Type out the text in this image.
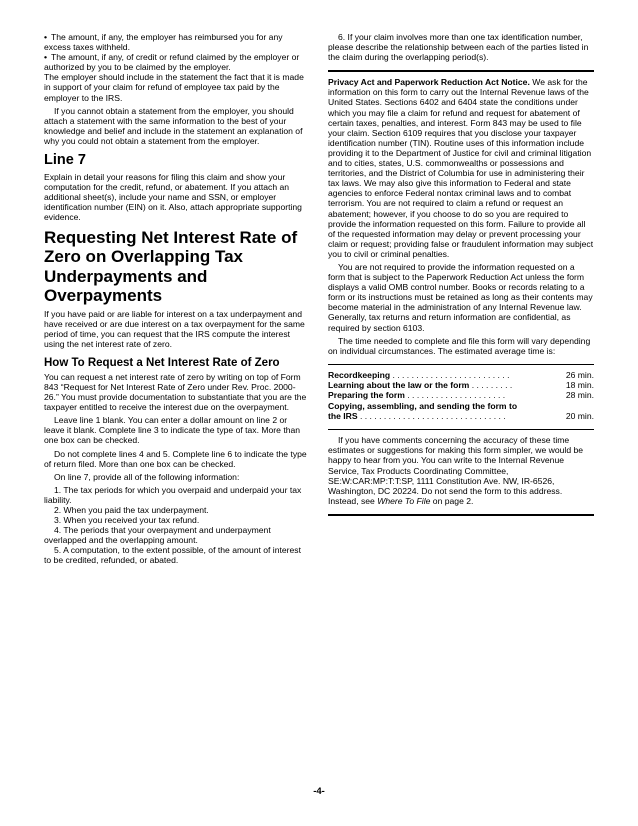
• The amount, if any, the employer has reimbursed you for any excess taxes withheld.

• The amount, if any, of credit or refund claimed by the employer or authorized by you to be claimed by the employer.

The employer should include in the statement the fact that it is made in support of your claim for refund of employee tax paid by the employer to the IRS.

If you cannot obtain a statement from the employer, you should attach a statement with the same information to the best of your knowledge and belief and include in the statement an explanation of why you could not obtain a statement from the employer.

Line 7

Explain in detail your reasons for filing this claim and show your computation for the credit, refund, or abatement. If you attach an additional sheet(s), include your name and SSN, or employer identification number (EIN) on it. Also, attach appropriate supporting evidence.

Requesting Net Interest Rate of Zero on Overlapping Tax Underpayments and Overpayments

If you have paid or are liable for interest on a tax underpayment and have received or are due interest on a tax overpayment for the same period of time, you can request that the IRS compute the interest using the net interest rate of zero.

How To Request a Net Interest Rate of Zero

You can request a net interest rate of zero by writing on top of Form 843 “Request for Net Interest Rate of Zero under Rev. Proc. 2000-26.” You must provide documentation to substantiate that you are the taxpayer entitled to receive the interest due on the overpayment.

Leave line 1 blank. You can enter a dollar amount on line 2 or leave it blank. Complete line 3 to indicate the type of tax. More than one box can be checked.

Do not complete lines 4 and 5. Complete line 6 to indicate the type of return filed. More than one box can be checked.

On line 7, provide all of the following information:

1. The tax periods for which you overpaid and underpaid your tax liability.

2. When you paid the tax underpayment.

3. When you received your tax refund.

4. The periods that your overpayment and underpayment overlapped and the overlapping amount.

5. A computation, to the extent possible, of the amount of interest to be credited, refunded, or abated.

6. If your claim involves more than one tax identification number, please describe the relationship between each of the parties listed in the claim during the overlapping period(s).

Privacy Act and Paperwork Reduction Act Notice. We ask for the information on this form to carry out the Internal Revenue laws of the United States. Sections 6402 and 6404 state the conditions under which you may file a claim for refund and request for abatement of certain taxes, penalties, and interest. Form 843 may be used to file your claim. Section 6109 requires that you disclose your taxpayer identification number (TIN). Routine uses of this information include providing it to the Department of Justice for civil and criminal litigation and to cities, states, U.S. commonwealths or possessions and territories, and the District of Columbia for use in administering their tax laws. We may also give this information to Federal and state agencies to enforce Federal nontax criminal laws and to combat terrorism. You are not required to claim a refund or request an abatement; however, if you choose to do so you are required to provide the information requested on this form. Failure to provide all of the requested information may delay or prevent processing your claim or request; providing false or fraudulent information may subject you to civil or criminal penalties.

You are not required to provide the information requested on a form that is subject to the Paperwork Reduction Act unless the form displays a valid OMB control number. Books or records relating to a form or its instructions must be retained as long as their contents may become material in the administration of any Internal Revenue law. Generally, tax returns and return information are confidential, as required by section 6103.

The time needed to complete and file this form will vary depending on individual circumstances. The estimated average time is:

Recordkeeping . . . . . . . . . . . . . . . . . . . . . . . . .	26 min.
Learning about the law or the form . . . . . . . . .	18 min.
Preparing the form . . . . . . . . . . . . . . . . . . . . .	28 min.
Copying, assembling, and sending the form to
the IRS . . . . . . . . . . . . . . . . . . . . . . . . . . . . . . .	20 min.

If you have comments concerning the accuracy of these time estimates or suggestions for making this form simpler, we would be happy to hear from you. You can write to the Internal Revenue Service, Tax Products Coordinating Committee, SE:W:CAR:MP:T:T:SP, 1111 Constitution Ave. NW, IR-6526, Washington, DC 20224. Do not send the form to this address. Instead, see Where To File on page 2.

-4-
